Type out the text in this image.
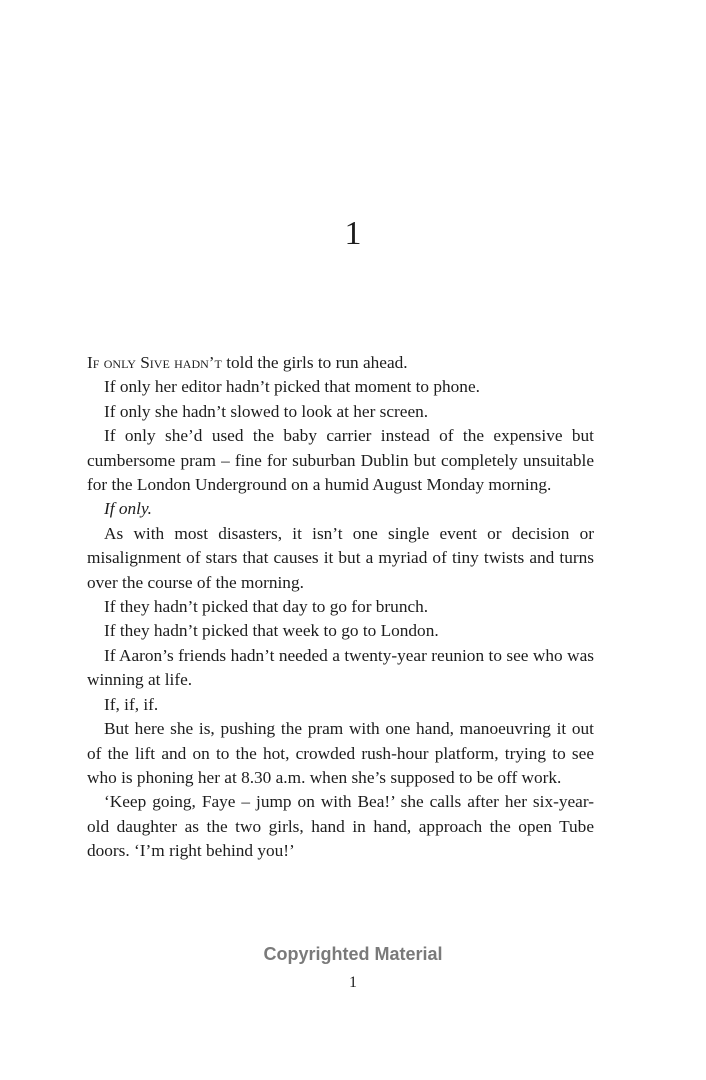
1

If only Sive hadn’t told the girls to run ahead.

If only her editor hadn’t picked that moment to phone.

If only she hadn’t slowed to look at her screen.

If only she’d used the baby carrier instead of the expensive but cumbersome pram – fine for suburban Dublin but completely unsuitable for the London Underground on a humid August Monday morning.

If only.

As with most disasters, it isn’t one single event or decision or misalignment of stars that causes it but a myriad of tiny twists and turns over the course of the morning.

If they hadn’t picked that day to go for brunch.

If they hadn’t picked that week to go to London.

If Aaron’s friends hadn’t needed a twenty-year reunion to see who was winning at life.

If, if, if.

But here she is, pushing the pram with one hand, manoeuvring it out of the lift and on to the hot, crowded rush-hour platform, trying to see who is phoning her at 8.30 a.m. when she’s supposed to be off work.

‘Keep going, Faye – jump on with Bea!’ she calls after her six-year-old daughter as the two girls, hand in hand, approach the open Tube doors. ‘I’m right behind you!’

Copyrighted Material
1
